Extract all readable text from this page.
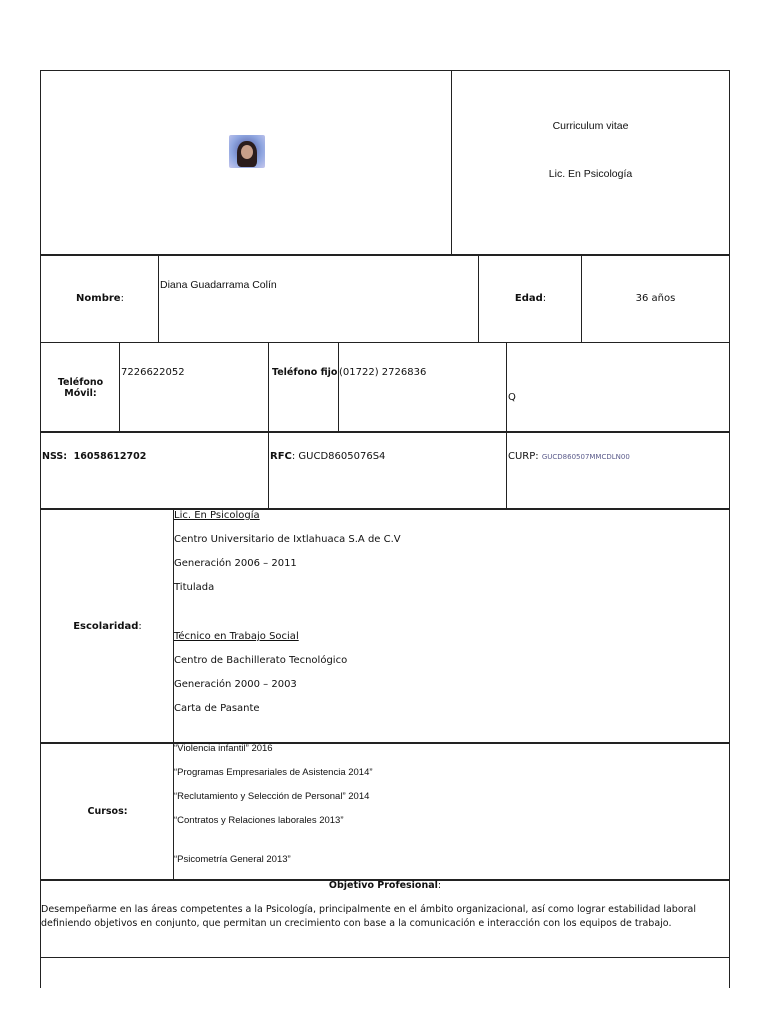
Curriculum vitae
Lic. En Psicología
Nombre:
Diana Guadarrama Colín
Edad:	36 años
Teléfono
Móvil:
7226622052	Teléfono fijo (01722) 2726836
Q
NSS: 16058612702	RFC: GUCD8605076S4	CURP: GUCD860507MMCDLN00
Escolaridad:
Lic. En Psicología
Centro Universitario de Ixtlahuaca S.A de C.V
Generación 2006 – 2011
Titulada
Técnico en Trabajo Social
Centro de Bachillerato Tecnológico
Generación 2000 – 2003
Carta de Pasante
Cursos:
“Violencia infantil” 2016
“Programas Empresariales de Asistencia 2014”
“Reclutamiento y Selección de Personal” 2014
“Contratos y Relaciones laborales 2013”
“Psicometría General 2013”
Objetivo Profesional:
Desempeñarme en las áreas competentes a la Psicología, principalmente en el ámbito organizacional, así como lograr estabilidad laboral
definiendo objetivos en conjunto, que permitan un crecimiento con base a la comunicación e interacción con los equipos de trabajo.
